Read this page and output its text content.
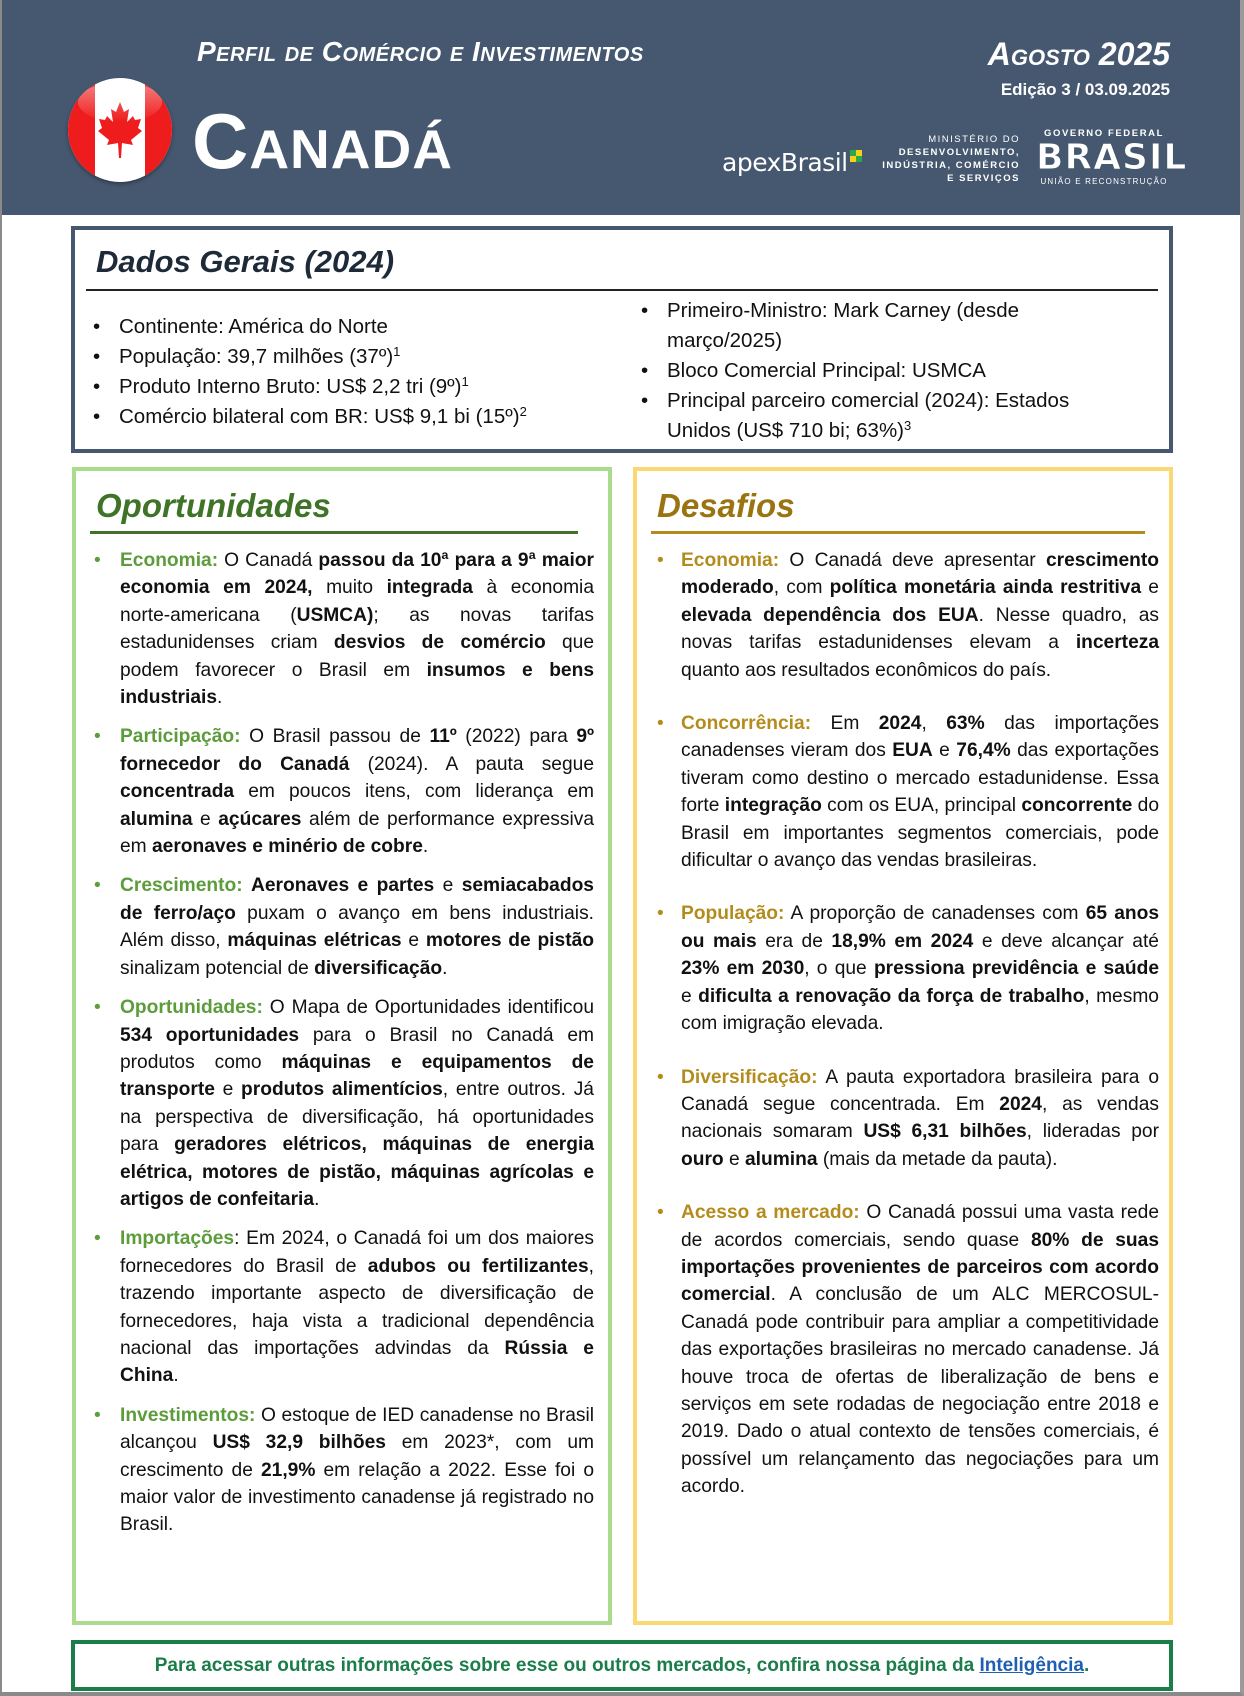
Perfil de Comércio e Investimentos
Canadá
Agosto 2025
Edição 3 / 03.09.2025
apexBrasil
MINISTÉRIO DO
DESENVOLVIMENTO,
INDÚSTRIA, COMÉRCIO
E SERVIÇOS
GOVERNO FEDERAL
BRASIL
UNIÃO E RECONSTRUÇÃO
Dados Gerais (2024)
• Continente: América do Norte
• População: 39,7 milhões (37º)$^1$
• Produto Interno Bruto: US$ 2,2 tri (9º)$^1$
• Comércio bilateral com BR: US$ 9,1 bi (15º)$^2$
• Primeiro-Ministro: Mark Carney (desde março/2025)
• Bloco Comercial Principal: USMCA
• Principal parceiro comercial (2024): Estados Unidos (US$ 710 bi; 63%)$^3$
Oportunidades
• Economia: O Canadá passou da 10ª para a 9ª maior economia em 2024, muito integrada à economia norte-americana (USMCA); as novas tarifas estadunidenses criam desvios de comércio que podem favorecer o Brasil em insumos e bens industriais.
• Participação: O Brasil passou de 11º (2022) para 9º fornecedor do Canadá (2024). A pauta segue concentrada em poucos itens, com liderança em alumina e açúcares além de performance expressiva em aeronaves e minério de cobre.
• Crescimento: Aeronaves e partes e semiacabados de ferro/aço puxam o avanço em bens industriais. Além disso, máquinas elétricas e motores de pistão sinalizam potencial de diversificação.
• Oportunidades: O Mapa de Oportunidades identificou 534 oportunidades para o Brasil no Canadá em produtos como máquinas e equipamentos de transporte e produtos alimentícios, entre outros. Já na perspectiva de diversificação, há oportunidades para geradores elétricos, máquinas de energia elétrica, motores de pistão, máquinas agrícolas e artigos de confeitaria.
• Importações: Em 2024, o Canadá foi um dos maiores fornecedores do Brasil de adubos ou fertilizantes, trazendo importante aspecto de diversificação de fornecedores, haja vista a tradicional dependência nacional das importações advindas da Rússia e China.
• Investimentos: O estoque de IED canadense no Brasil alcançou US$ 32,9 bilhões em 2023*, com um crescimento de 21,9% em relação a 2022. Esse foi o maior valor de investimento canadense já registrado no Brasil.
Desafios
• Economia: O Canadá deve apresentar crescimento moderado, com política monetária ainda restritiva e elevada dependência dos EUA. Nesse quadro, as novas tarifas estadunidenses elevam a incerteza quanto aos resultados econômicos do país.
• Concorrência: Em 2024, 63% das importações canadenses vieram dos EUA e 76,4% das exportações tiveram como destino o mercado estadunidense. Essa forte integração com os EUA, principal concorrente do Brasil em importantes segmentos comerciais, pode dificultar o avanço das vendas brasileiras.
• População: A proporção de canadenses com 65 anos ou mais era de 18,9% em 2024 e deve alcançar até 23% em 2030, o que pressiona previdência e saúde e dificulta a renovação da força de trabalho, mesmo com imigração elevada.
• Diversificação: A pauta exportadora brasileira para o Canadá segue concentrada. Em 2024, as vendas nacionais somaram US$ 6,31 bilhões, lideradas por ouro e alumina (mais da metade da pauta).
• Acesso a mercado: O Canadá possui uma vasta rede de acordos comerciais, sendo quase 80% de suas importações provenientes de parceiros com acordo comercial. A conclusão de um ALC MERCOSUL-Canadá pode contribuir para ampliar a competitividade das exportações brasileiras no mercado canadense. Já houve troca de ofertas de liberalização de bens e serviços em sete rodadas de negociação entre 2018 e 2019. Dado o atual contexto de tensões comerciais, é possível um relançamento das negociações para um acordo.
Para acessar outras informações sobre esse ou outros mercados, confira nossa página da Inteligência.
